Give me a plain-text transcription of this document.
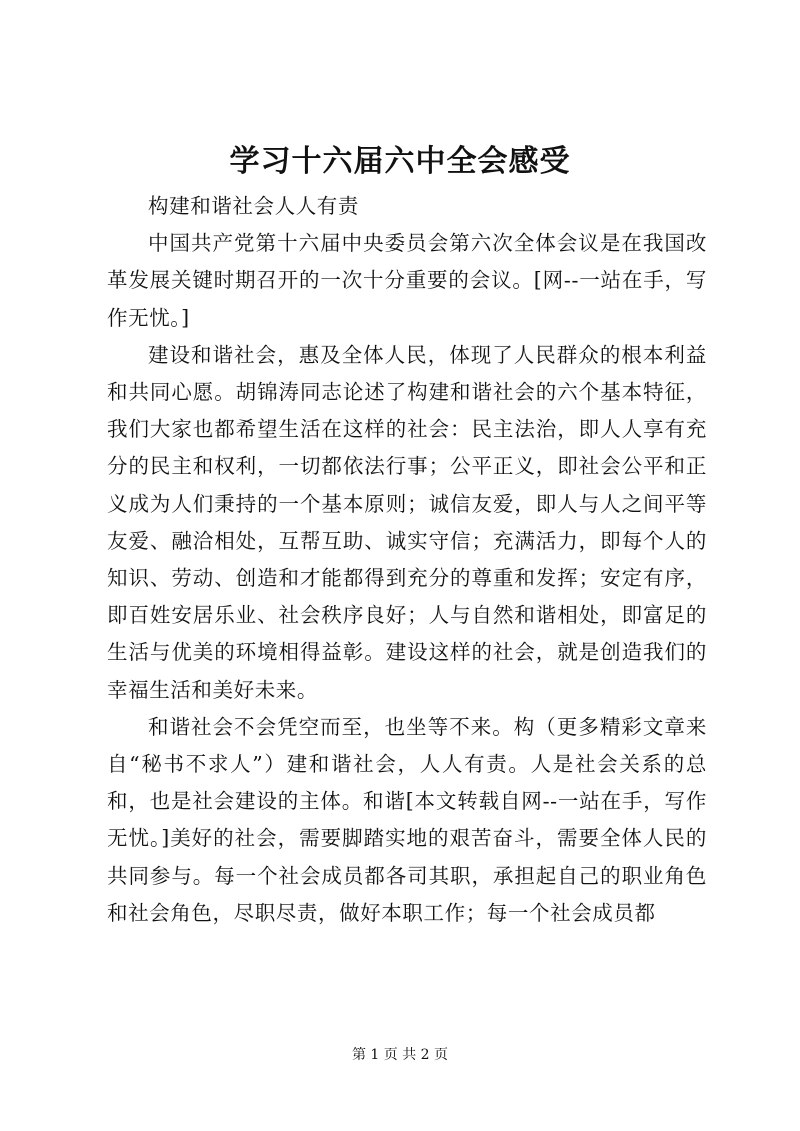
学习十六届六中全会感受

构建和谐社会人人有责

中国共产党第十六届中央委员会第六次全体会议是在我国改革发展关键时期召开的一次十分重要的会议。[网--一站在手，写作无忧。]

建设和谐社会，惠及全体人民，体现了人民群众的根本利益和共同心愿。胡锦涛同志论述了构建和谐社会的六个基本特征，我们大家也都希望生活在这样的社会：民主法治，即人人享有充分的民主和权利，一切都依法行事；公平正义，即社会公平和正义成为人们秉持的一个基本原则；诚信友爱，即人与人之间平等友爱、融洽相处，互帮互助、诚实守信；充满活力，即每个人的知识、劳动、创造和才能都得到充分的尊重和发挥；安定有序，即百姓安居乐业、社会秩序良好；人与自然和谐相处，即富足的生活与优美的环境相得益彰。建设这样的社会，就是创造我们的幸福生活和美好未来。

和谐社会不会凭空而至，也坐等不来。构（更多精彩文章来自“秘书不求人”）建和谐社会，人人有责。人是社会关系的总和，也是社会建设的主体。和谐[本文转载自网--一站在手，写作无忧。]美好的社会，需要脚踏实地的艰苦奋斗，需要全体人民的共同参与。每一个社会成员都各司其职，承担起自己的职业角色和社会角色，尽职尽责，做好本职工作；每一个社会成员都

第 1 页 共 2 页
